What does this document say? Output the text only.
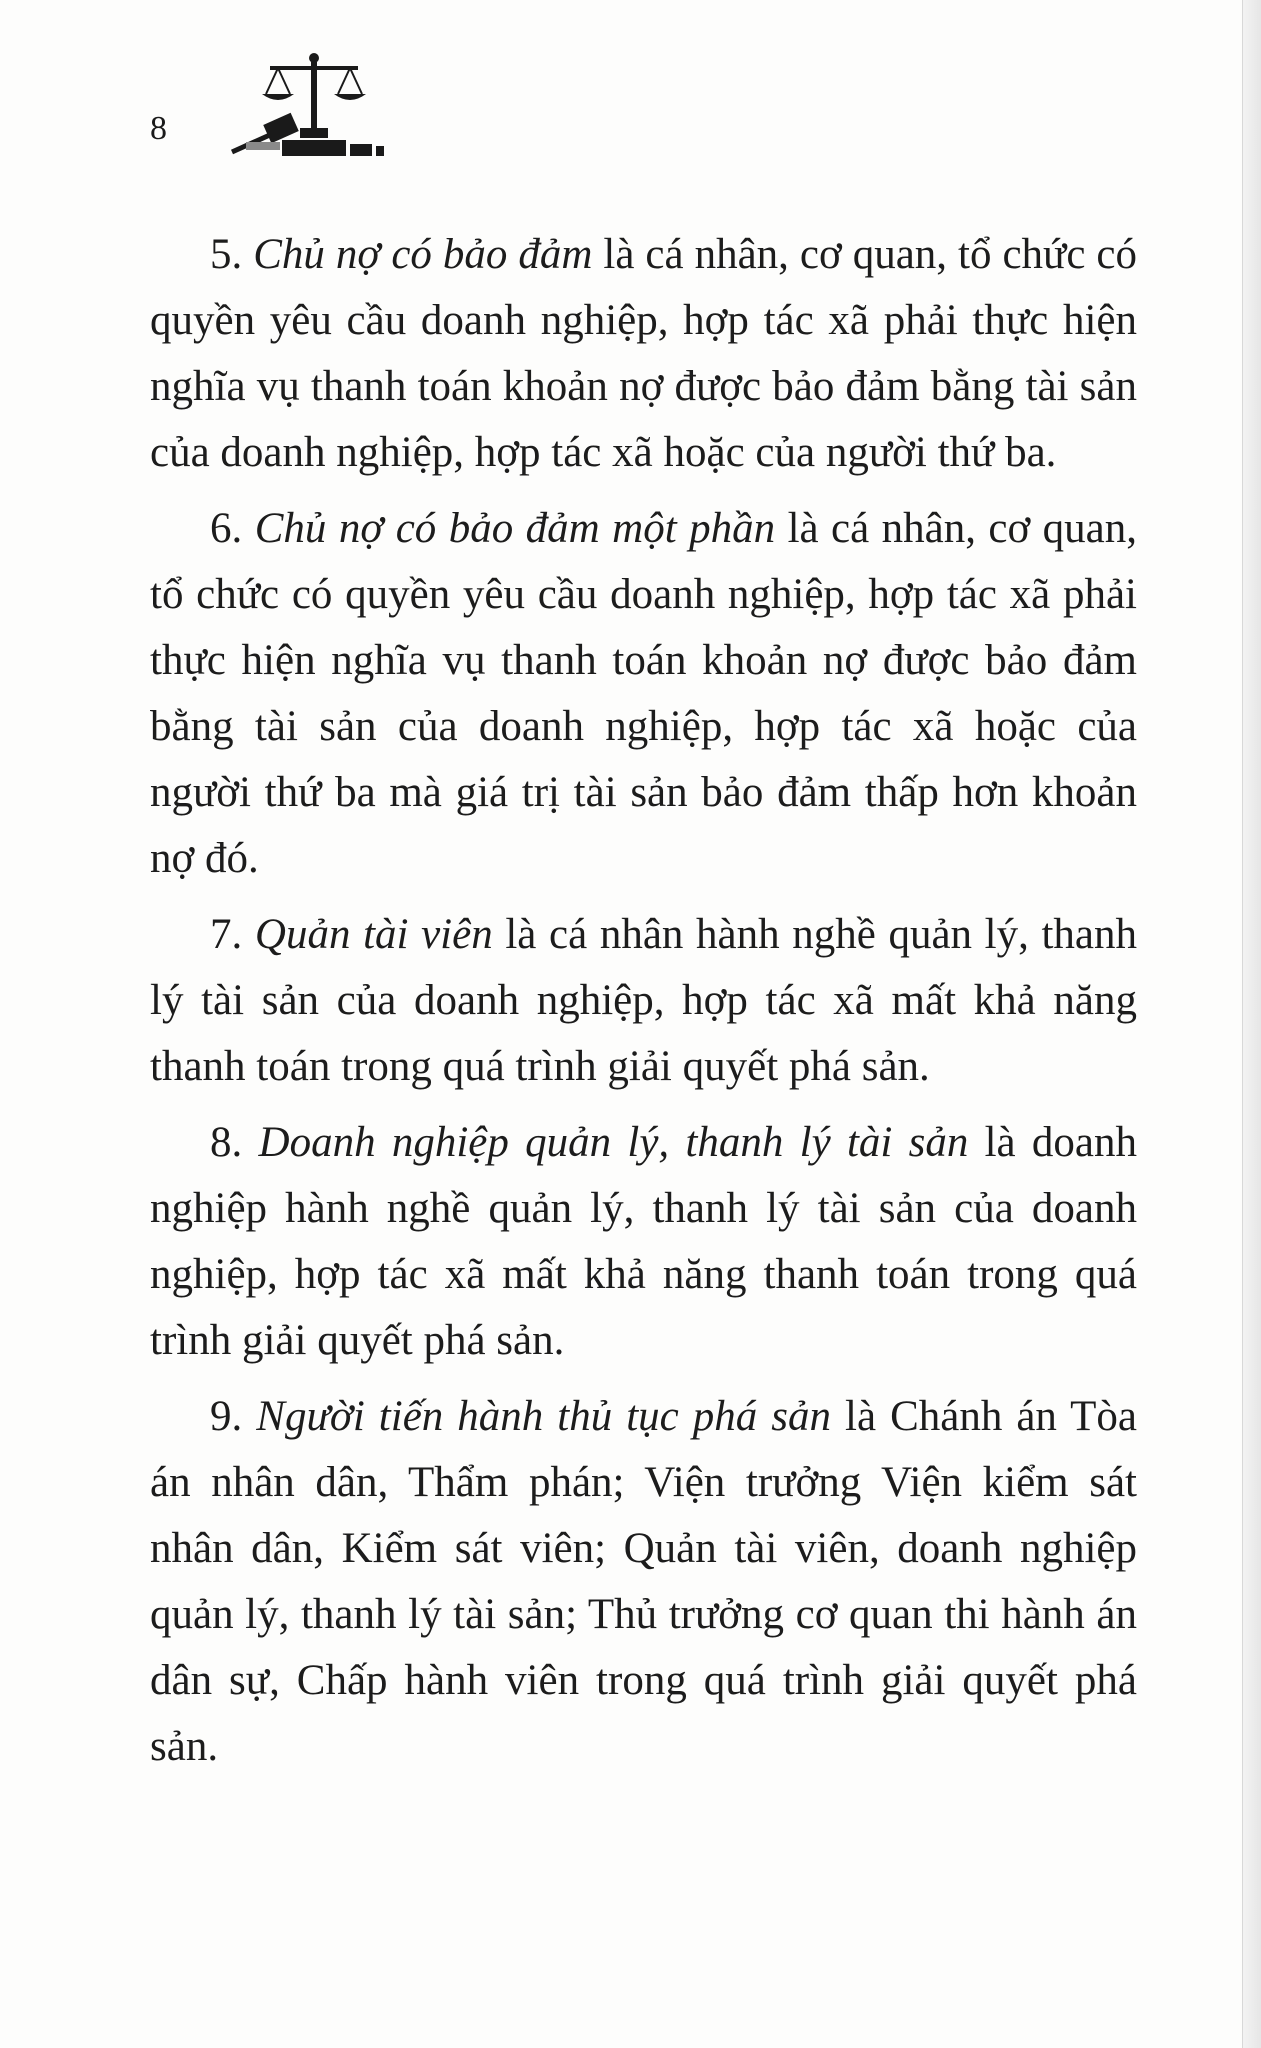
8

5. Chủ nợ có bảo đảm là cá nhân, cơ quan, tổ chức có quyền yêu cầu doanh nghiệp, hợp tác xã phải thực hiện nghĩa vụ thanh toán khoản nợ được bảo đảm bằng tài sản của doanh nghiệp, hợp tác xã hoặc của người thứ ba.

6. Chủ nợ có bảo đảm một phần là cá nhân, cơ quan, tổ chức có quyền yêu cầu doanh nghiệp, hợp tác xã phải thực hiện nghĩa vụ thanh toán khoản nợ được bảo đảm bằng tài sản của doanh nghiệp, hợp tác xã hoặc của người thứ ba mà giá trị tài sản bảo đảm thấp hơn khoản nợ đó.

7. Quản tài viên là cá nhân hành nghề quản lý, thanh lý tài sản của doanh nghiệp, hợp tác xã mất khả năng thanh toán trong quá trình giải quyết phá sản.

8. Doanh nghiệp quản lý, thanh lý tài sản là doanh nghiệp hành nghề quản lý, thanh lý tài sản của doanh nghiệp, hợp tác xã mất khả năng thanh toán trong quá trình giải quyết phá sản.

9. Người tiến hành thủ tục phá sản là Chánh án Tòa án nhân dân, Thẩm phán; Viện trưởng Viện kiểm sát nhân dân, Kiểm sát viên; Quản tài viên, doanh nghiệp quản lý, thanh lý tài sản; Thủ trưởng cơ quan thi hành án dân sự, Chấp hành viên trong quá trình giải quyết phá sản.
